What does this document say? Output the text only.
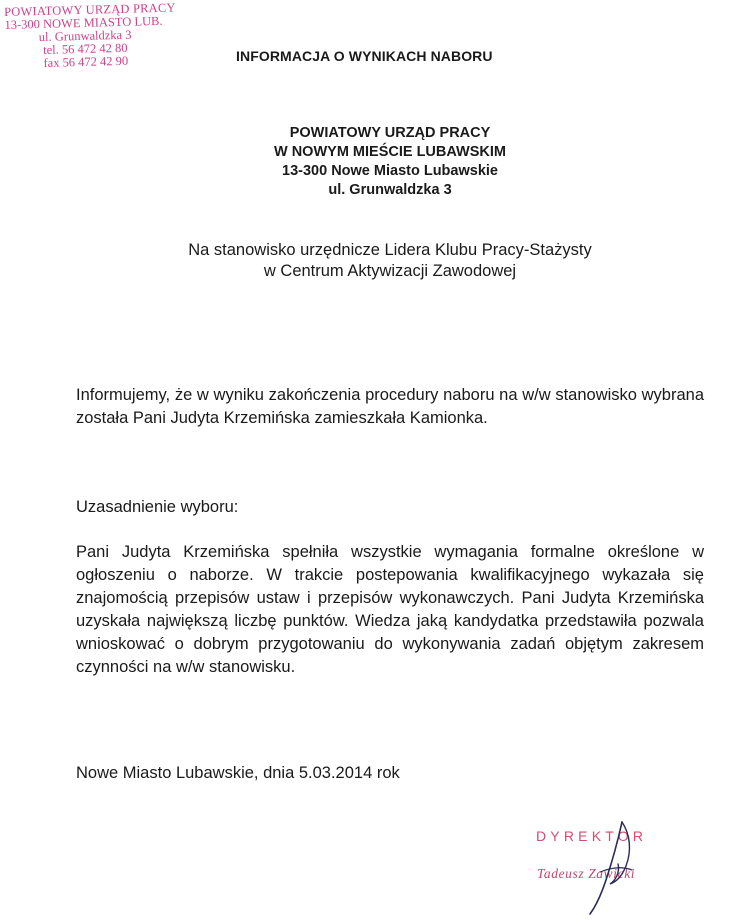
POWIATOWY URZĄD PRACY
13-300 NOWE MIASTO LUB.
ul. Grunwaldzka 3
tel. 56 472 42 80
fax 56 472 42 90	INFORMACJA O WYNIKACH NABORU
POWIATOWY URZĄD PRACY
W NOWYM MIEŚCIE LUBAWSKIM
13-300 Nowe Miasto Lubawskie
ul. Grunwaldzka 3
Na stanowisko urzędnicze Lidera Klubu Pracy-Stażysty
w Centrum Aktywizacji Zawodowej
Informujemy, że w wyniku zakończenia procedury naboru na w/w stanowisko wybrana została Pani Judyta Krzemińska zamieszkała Kamionka.
Uzasadnienie wyboru:
Pani Judyta Krzemińska spełniła wszystkie wymagania formalne określone w ogłoszeniu o naborze. W trakcie postepowania kwalifikacyjnego wykazała się znajomością przepisów ustaw i przepisów wykonawczych. Pani Judyta Krzemińska uzyskała największą liczbę punktów. Wiedza jaką kandydatka przedstawiła pozwala wnioskować o dobrym przygotowaniu do wykonywania zadań objętym zakresem czynności na w/w stanowisku.
Nowe Miasto Lubawskie, dnia 5.03.2014 rok
DYREKTOR
Tadeusz Zawicki
